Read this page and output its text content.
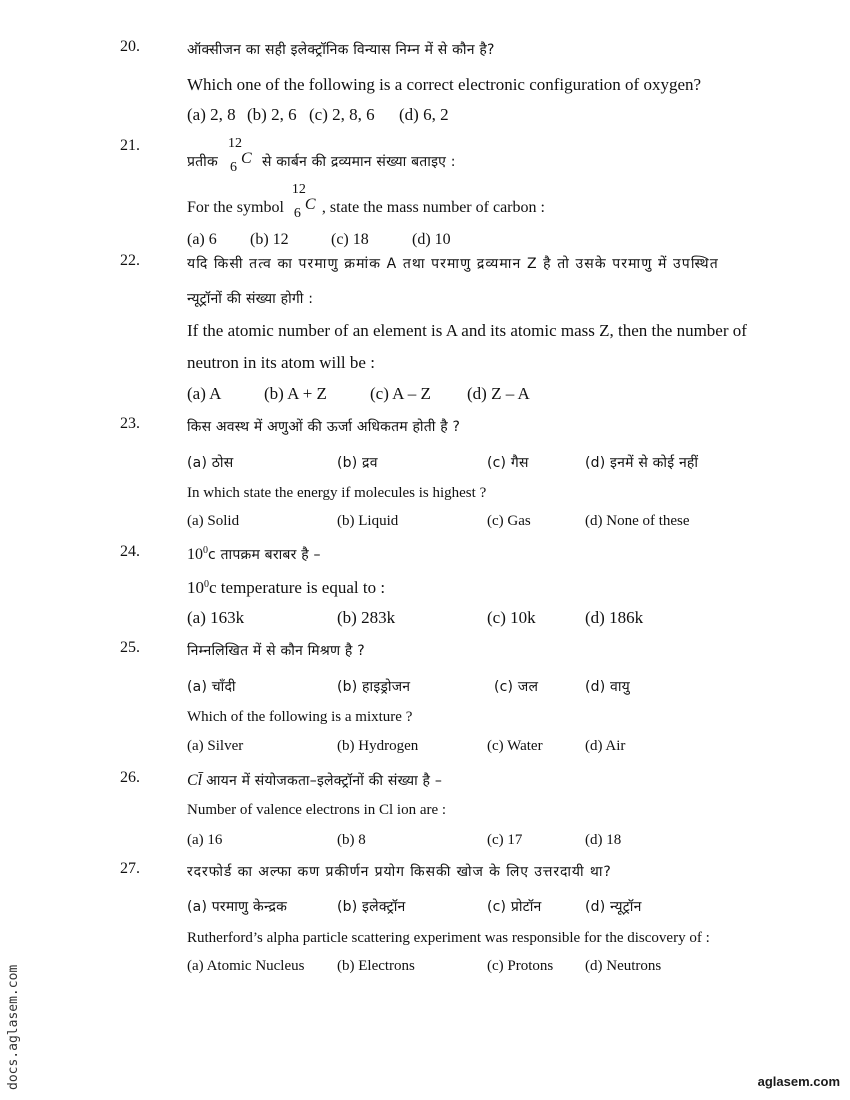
20.	ऑक्सीजन का सही इलेक्ट्रॉनिक विन्यास निम्न में से कौन है?
Which one of the following is a correct electronic configuration of oxygen?
(a) 2, 8 (b) 2, 6 (c) 2, 8, 6 (d) 6, 2
21.
प्रतीक
12
6
C से कार्बन की द्रव्यमान संख्या बताइए :
For the symbol
12
6
C , state the mass number of carbon :
(a) 6 (b) 12	(c) 18	(d) 10
22.	यदि किसी तत्व का परमाणु क्रमांक A तथा परमाणु द्रव्यमान Z है तो उसके परमाणु में उपस्थित
न्यूट्रॉनों की संख्या होगी :
If the atomic number of an element is A and its atomic mass Z, then the number of
neutron in its atom will be :
(a) A	(b) A + Z	(c) A – Z (d) Z – A
23.	किस अवस्थ में अणुओं की ऊर्जा अधिकतम होती है ?
(a) ठोस	(b) द्रव	(c) गैस	(d) इनमें से कोई नहीं
In which state the energy if molecules is highest ?
(a) Solid	(b) Liquid	(c) Gas	(d) None of these
24.	$10^0c$ तापक्रम बराबर है –
$10^0c$ temperature is equal to :
(a) 163k	(b) 283k	(c) 10k	(d) 186k
25.	निम्नलिखित में से कौन मिश्रण है ?
(a) चाँदी	(b) हाइड्रोजन	(c) जल	(d) वायु
Which of the following is a mixture ?
(a) Silver	(b) Hydrogen	(c) Water	(d) Air
26.	Cl̄ आयन में संयोजकता–इलेक्ट्रॉनों की संख्या है –
Number of valence electrons in Cl ion are :
(a) 16	(b) 8	(c) 17	(d) 18
27.	रदरफोर्ड का अल्फा कण प्रकीर्णन प्रयोग किसकी खोज के लिए उत्तरदायी था?
(a) परमाणु केन्द्रक	(b) इलेक्ट्रॉन	(c) प्रोटॉन	(d) न्यूट्रॉन
Rutherford’s alpha particle scattering experiment was responsible for the discovery of :
(a) Atomic Nucleus (b) Electrons	(c) Protons (d) Neutrons
docs.aglasem.com	aglasem.com
